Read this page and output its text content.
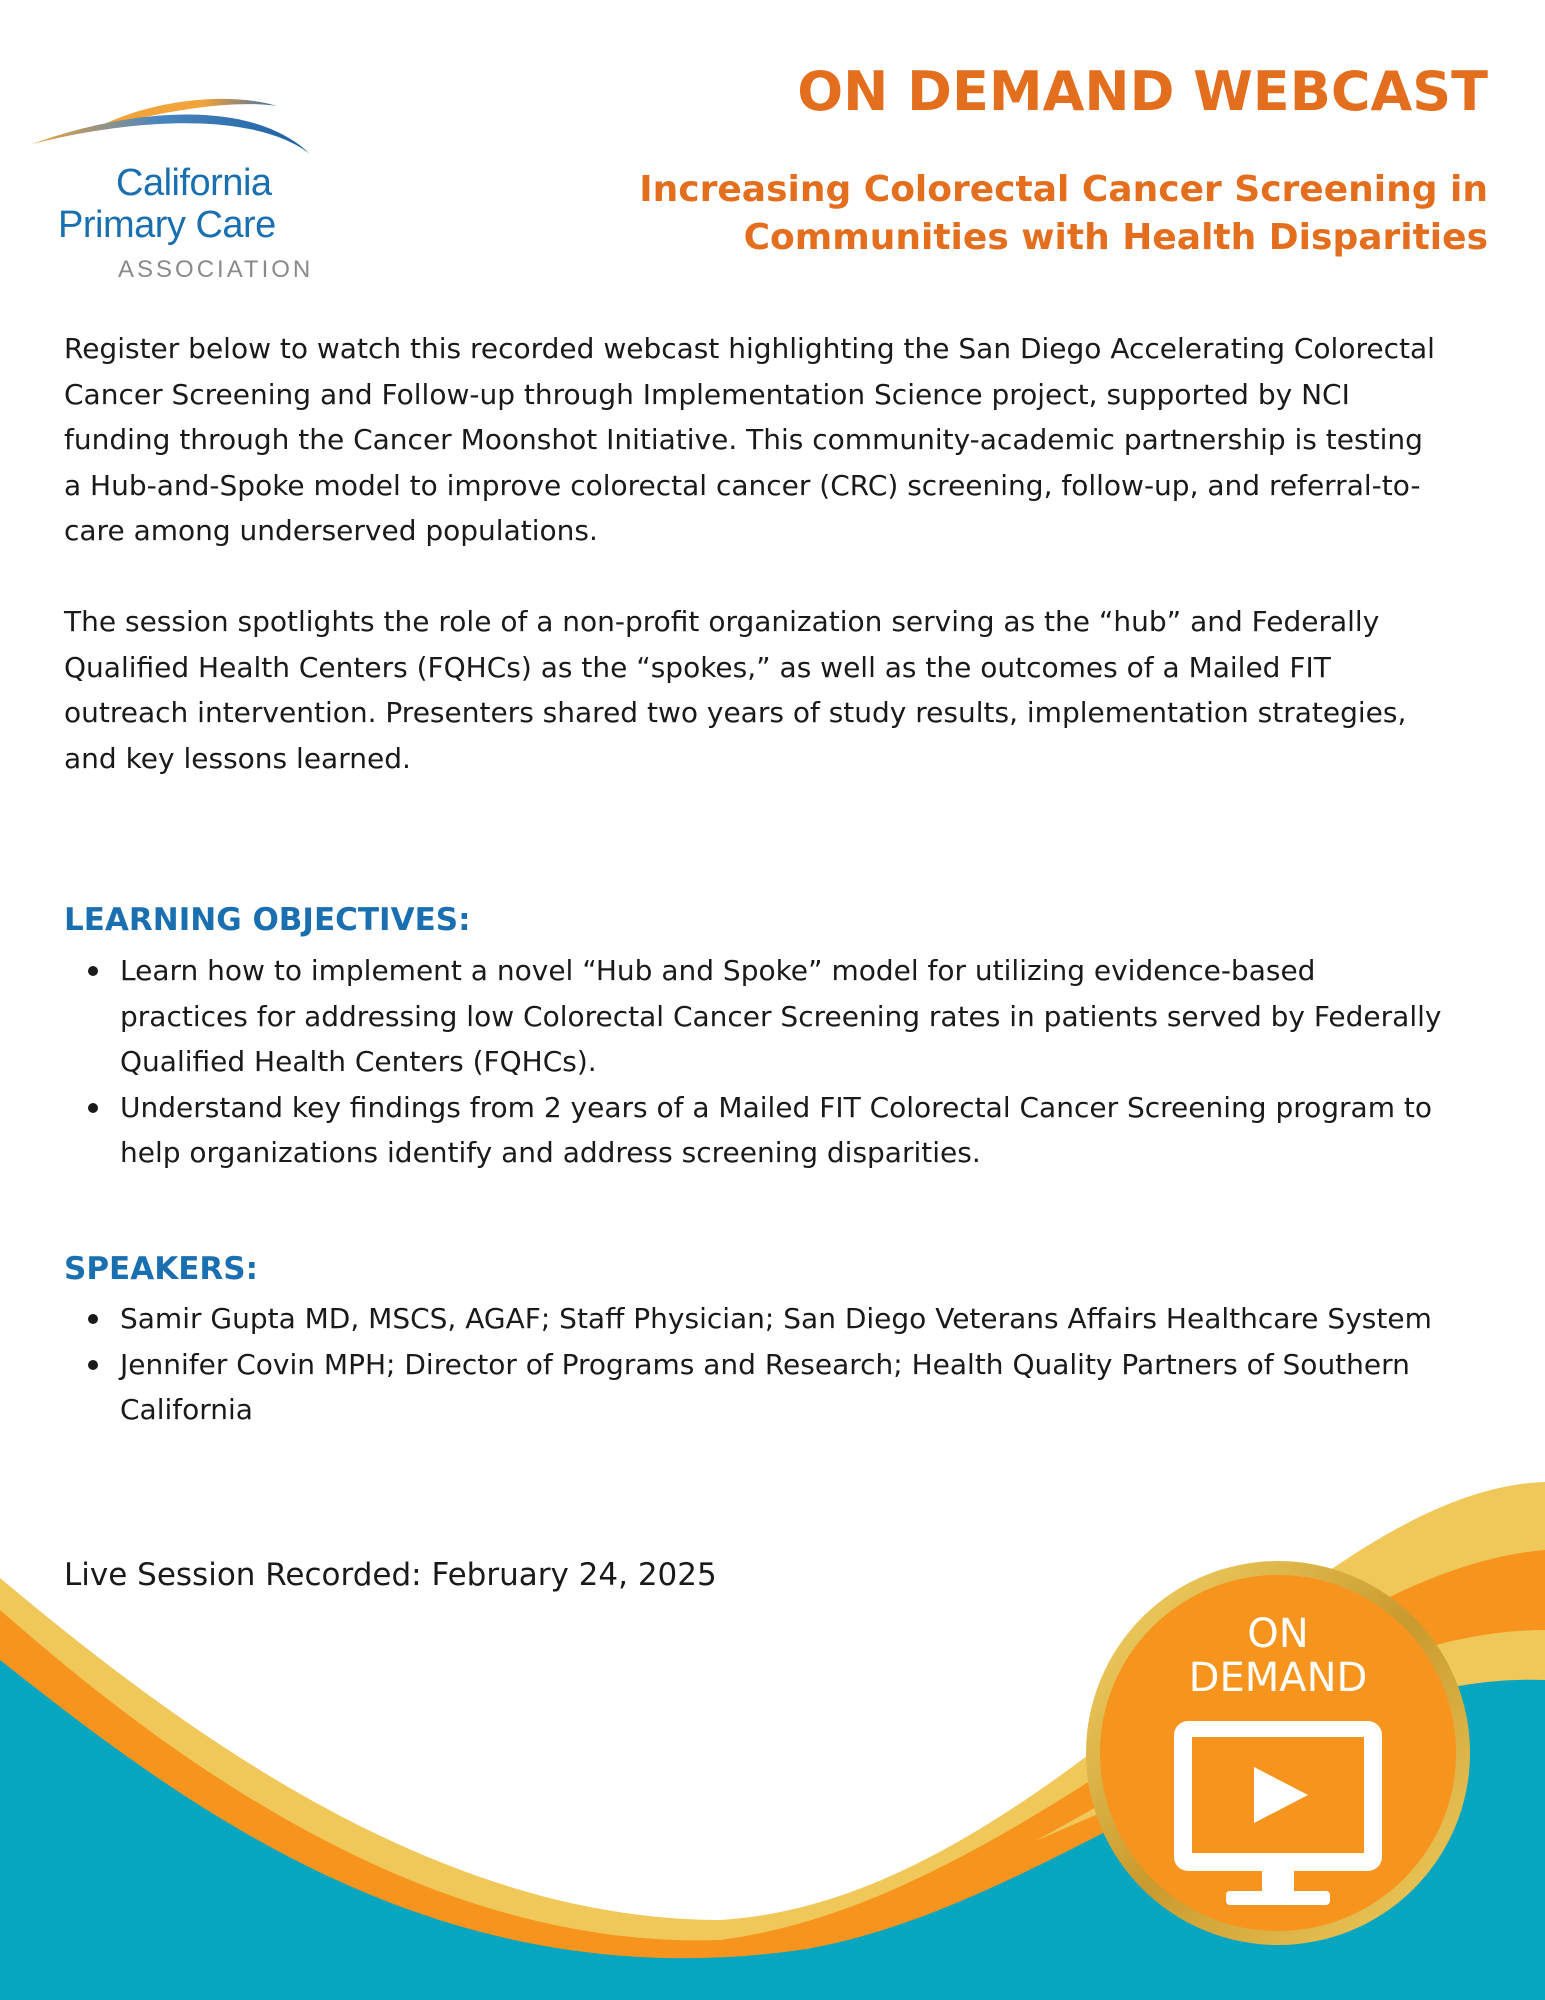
California
Primary Care
ASSOCIATION
ON DEMAND WEBCAST
Increasing Colorectal Cancer Screening in Communities with Health Disparities

Register below to watch this recorded webcast highlighting the San Diego Accelerating Colorectal Cancer Screening and Follow-up through Implementation Science project, supported by NCI funding through the Cancer Moonshot Initiative. This community-academic partnership is testing a Hub-and-Spoke model to improve colorectal cancer (CRC) screening, follow-up, and referral-to-care among underserved populations.

The session spotlights the role of a non-profit organization serving as the “hub” and Federally Qualified Health Centers (FQHCs) as the “spokes,” as well as the outcomes of a Mailed FIT outreach intervention. Presenters shared two years of study results, implementation strategies, and key lessons learned.

LEARNING OBJECTIVES:
Learn how to implement a novel “Hub and Spoke” model for utilizing evidence-based practices for addressing low Colorectal Cancer Screening rates in patients served by Federally Qualified Health Centers (FQHCs).
Understand key findings from 2 years of a Mailed FIT Colorectal Cancer Screening program to help organizations identify and address screening disparities.
SPEAKERS:
Samir Gupta MD, MSCS, AGAF; Staff Physician; San Diego Veterans Affairs Healthcare System
Jennifer Covin MPH; Director of Programs and Research; Health Quality Partners of Southern California

Live Session Recorded: February 24, 2025

ON
DEMAND
